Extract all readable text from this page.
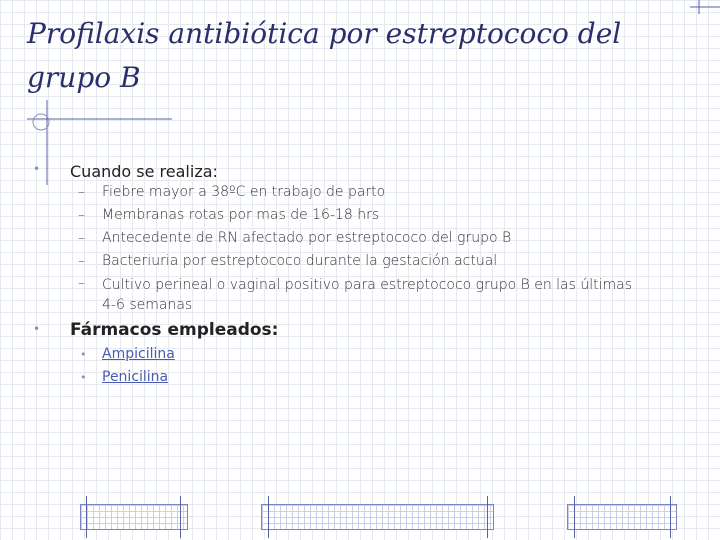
Profilaxis antibiótica por estreptococo del grupo B
• Cuando se realiza:
– Fiebre mayor a 38ºC en trabajo de parto
– Membranas rotas por mas de 16-18 hrs
– Antecedente de RN afectado por estreptococo del grupo B
– Bacteriuria por estreptococo durante la gestación actual
– Cultivo perineal o vaginal positivo para estreptococo grupo B en las últimas 4-6 semanas
• Fármacos empleados:
• Ampicilina
• Penicilina
